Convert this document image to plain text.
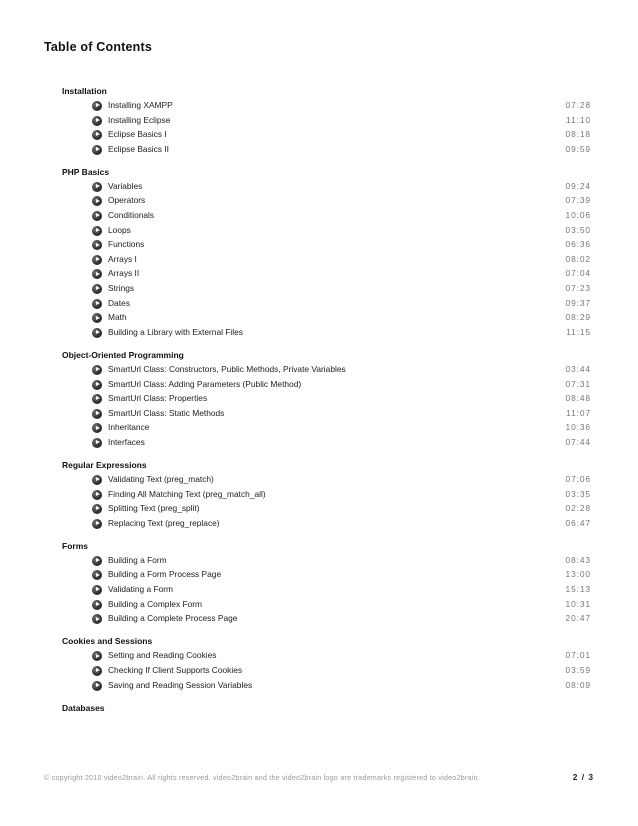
Table of Contents
Installation
Installing XAMPP	07:28
Installing Eclipse	11:10
Eclipse Basics I	08:18
Eclipse Basics II	09:59
PHP Basics
Variables	09:24
Operators	07:39
Conditionals	10:06
Loops	03:50
Functions	06:36
Arrays I	08:02
Arrays II	07:04
Strings	07:23
Dates	09:37
Math	08:29
Building a Library with External Files	11:15
Object-Oriented Programming
SmartUrl Class: Constructors, Public Methods, Private Variables	03:44
SmartUrl Class: Adding Parameters (Public Method)	07:31
SmartUrl Class: Properties	08:48
SmartUrl Class: Static Methods	11:07
Inheritance	10:36
Interfaces	07:44
Regular Expressions
Validating Text (preg_match)	07:06
Finding All Matching Text (preg_match_all)	03:35
Splitting Text (preg_split)	02:28
Replacing Text (preg_replace)	06:47
Forms
Building a Form	08:43
Building a Form Process Page	13:00
Validating a Form	15:13
Building a Complex Form	10:31
Building a Complete Process Page	20:47
Cookies and Sessions
Setting and Reading Cookies	07:01
Checking If Client Supports Cookies	03:59
Saving and Reading Session Variables	08:09
Databases
© copyright 2010 video2brain. All rights reserved. video2brain and the video2brain logo are trademarks registered to video2brain.	2 / 3
